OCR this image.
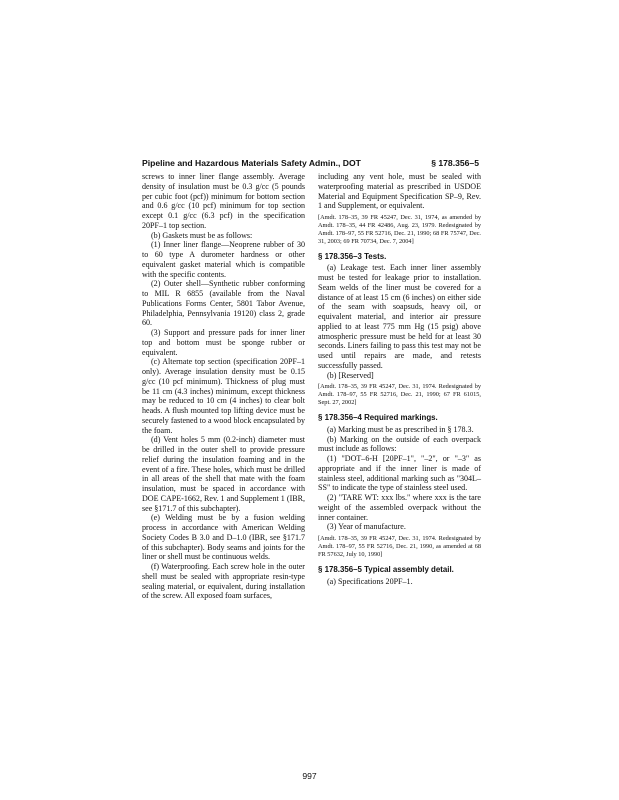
Pipeline and Hazardous Materials Safety Admin., DOT	§ 178.356–5

screws to inner liner flange assembly. Average density of insulation must be 0.3 g/cc (5 pounds per cubic foot (pcf)) minimum for bottom section and 0.6 g/cc (10 pcf) minimum for top section except 0.1 g/cc (6.3 pcf) in the specification 20PF–1 top section.

(b) Gaskets must be as follows:

(1) Inner liner flange—Neoprene rubber of 30 to 60 type A durometer hardness or other equivalent gasket material which is compatible with the specific contents.

(2) Outer shell—Synthetic rubber conforming to MIL R 6855 (available from the Naval Publications Forms Center, 5801 Tabor Avenue, Philadelphia, Pennsylvania 19120) class 2, grade 60.

(3) Support and pressure pads for inner liner top and bottom must be sponge rubber or equivalent.

(c) Alternate top section (specification 20PF–1 only). Average insulation density must be 0.15 g/cc (10 pcf minimum). Thickness of plug must be 11 cm (4.3 inches) minimum, except thickness may be reduced to 10 cm (4 inches) to clear bolt heads. A flush mounted top lifting device must be securely fastened to a wood block encapsulated by the foam.

(d) Vent holes 5 mm (0.2-inch) diameter must be drilled in the outer shell to provide pressure relief during the insulation foaming and in the event of a fire. These holes, which must be drilled in all areas of the shell that mate with the foam insulation, must be spaced in accordance with DOE CAPE-1662, Rev. 1 and Supplement 1 (IBR, see §171.7 of this subchapter).

(e) Welding must be by a fusion welding process in accordance with American Welding Society Codes B 3.0 and D–1.0 (IBR, see §171.7 of this subchapter). Body seams and joints for the liner or shell must be continuous welds.

(f) Waterproofing. Each screw hole in the outer shell must be sealed with appropriate resin-type sealing material, or equivalent, during installation of the screw. All exposed foam surfaces,

including any vent hole, must be sealed with waterproofing material as prescribed in USDOE Material and Equipment Specification SP–9, Rev. 1 and Supplement, or equivalent.

[Amdt. 178–35, 39 FR 45247, Dec. 31, 1974, as amended by Amdt. 178–35, 44 FR 42486, Aug. 23, 1979. Redesignated by Amdt. 178–97, 55 FR 52716, Dec. 21, 1990; 68 FR 75747, Dec. 31, 2003; 69 FR 70734, Dec. 7, 2004]

§ 178.356–3 Tests.

(a) Leakage test. Each inner liner assembly must be tested for leakage prior to installation. Seam welds of the liner must be covered for a distance of at least 15 cm (6 inches) on either side of the seam with soapsuds, heavy oil, or equivalent material, and interior air pressure applied to at least 775 mm Hg (15 psig) above atmospheric pressure must be held for at least 30 seconds. Liners failing to pass this test may not be used until repairs are made, and retests successfully passed.

(b) [Reserved]

[Amdt. 178–35, 39 FR 45247, Dec. 31, 1974. Redesignated by Amdt. 178–97, 55 FR 52716, Dec. 21, 1990; 67 FR 61015, Sept. 27, 2002]

§ 178.356–4 Required markings.

(a) Marking must be as prescribed in § 178.3.

(b) Marking on the outside of each overpack must include as follows:

(1) "DOT–6-H [20PF–1", "–2", or "–3" as appropriate and if the inner liner is made of stainless steel, additional marking such as "304L–SS" to indicate the type of stainless steel used.

(2) "TARE WT: xxx lbs." where xxx is the tare weight of the assembled overpack without the inner container.

(3) Year of manufacture.

[Amdt. 178–35, 39 FR 45247, Dec. 31, 1974. Redesignated by Amdt. 178–97, 55 FR 52716, Dec. 21, 1990, as amended at 68 FR 57632, July 10, 1990]

§ 178.356–5 Typical assembly detail.

(a) Specifications 20PF–1.

997
